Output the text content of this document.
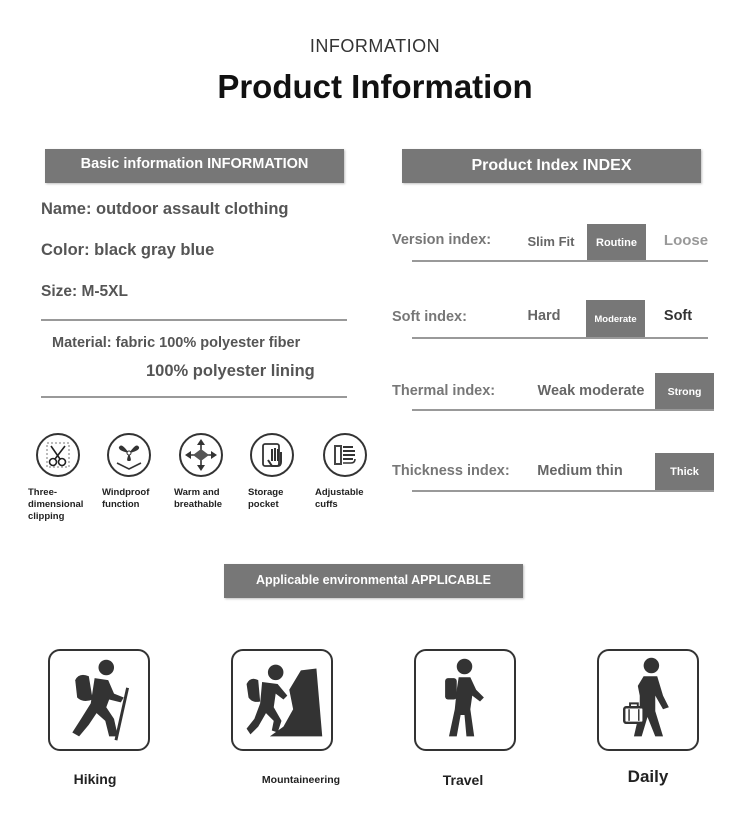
INFORMATION
Product Information
Basic information INFORMATION
Name: outdoor assault clothing
Color: black gray blue
Size: M-5XL
Material: fabric 100% polyester fiber
100% polyester lining
Product Index INDEX
Version index:	Slim Fit	Routine	Loose
Soft index:	Hard	Moderate	Soft
Thermal index:	Weak moderate	Strong
Thickness index:	Medium thin	Thick
Three-
dimensional
clipping
Windproof
function
Warm and
breathable
Storage
pocket
Adjustable
cuffs
Applicable environmental APPLICABLE
Hiking	Mountaineering	Travel	Daily
